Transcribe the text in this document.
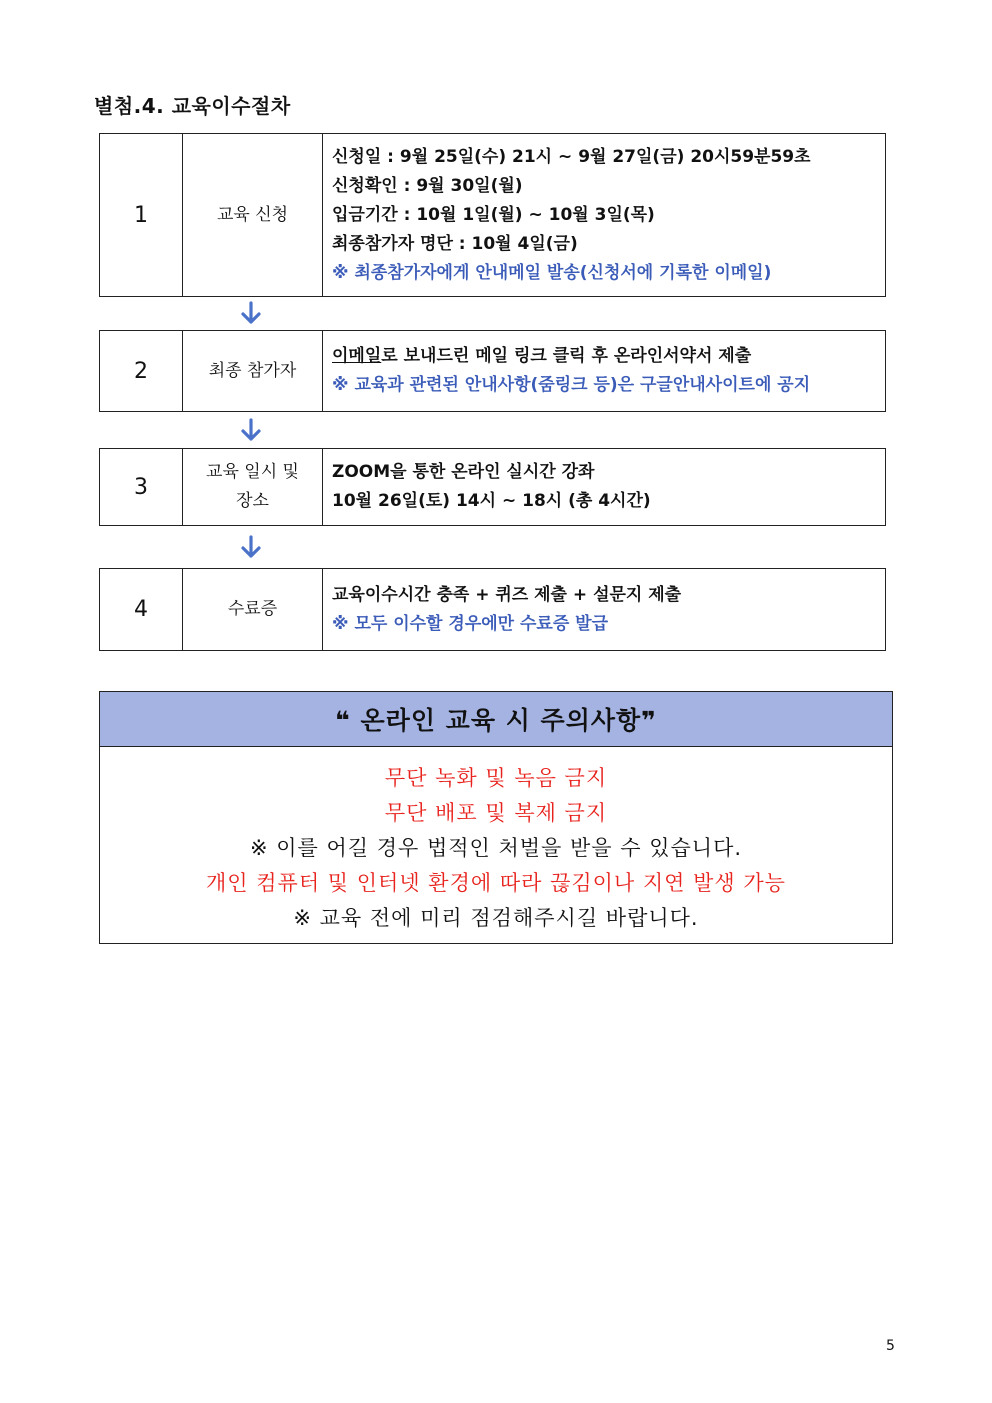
별첨.4. 교육이수절차
1	교육 신청
신청일 : 9월 25일(수) 21시 ~ 9월 27일(금) 20시59분59초
신청확인 : 9월 30일(월)
입금기간 : 10월 1일(월) ~ 10월 3일(목)
최종참가자 명단 : 10월 4일(금)
※ 최종참가자에게 안내메일 발송(신청서에 기록한 이메일)
2	최종 참가자
이메일로 보내드린 메일 링크 클릭 후 온라인서약서 제출
※ 교육과 관련된 안내사항(줌링크 등)은 구글안내사이트에 공지
3
교육 일시 및 장소
ZOOM을 통한 온라인 실시간 강좌
10월 26일(토) 14시 ~ 18시 (총 4시간)
4	수료증
교육이수시간 충족 + 퀴즈 제출 + 설문지 제출
※ 모두 이수할 경우에만 수료증 발급
❝ 온라인 교육 시 주의사항❞
무단 녹화 및 녹음 금지
무단 배포 및 복제 금지
※ 이를 어길 경우 법적인 처벌을 받을 수 있습니다.
개인 컴퓨터 및 인터넷 환경에 따라 끊김이나 지연 발생 가능
※ 교육 전에 미리 점검해주시길 바랍니다.
5
